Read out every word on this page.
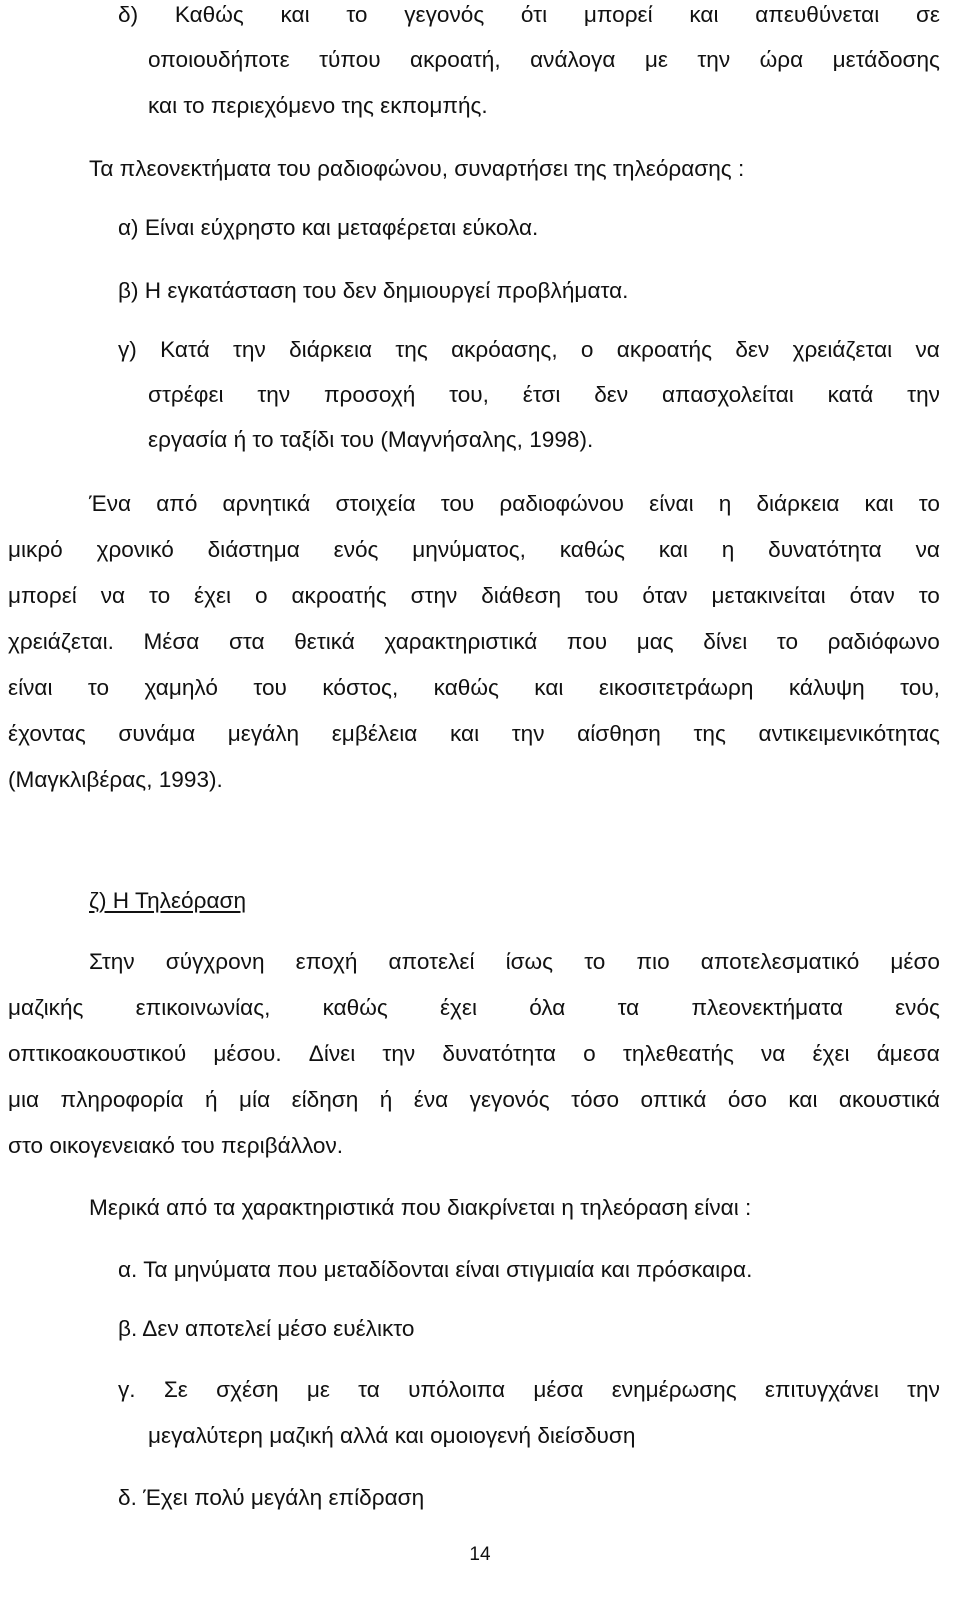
δ) Καθώς και το γεγονός ότι μπορεί και απευθύνεται σε
οποιουδήποτε τύπου ακροατή, ανάλογα με την ώρα μετάδοσης
και το περιεχόμενο της εκπομπής.
Τα πλεονεκτήματα του ραδιοφώνου, συναρτήσει της τηλεόρασης :
α) Είναι εύχρηστο και μεταφέρεται εύκολα.
β) Η εγκατάσταση του δεν δημιουργεί προβλήματα.
γ) Κατά την διάρκεια της ακρόασης, ο ακροατής δεν χρειάζεται να
στρέφει την προσοχή του, έτσι δεν απασχολείται κατά την
εργασία ή το ταξίδι του (Μαγνήσαλης, 1998).
Ένα από αρνητικά στοιχεία του ραδιοφώνου είναι η διάρκεια και το
μικρό χρονικό διάστημα ενός μηνύματος, καθώς και η δυνατότητα να
μπορεί να το έχει ο ακροατής στην διάθεση του όταν μετακινείται όταν το
χρειάζεται. Μέσα στα θετικά χαρακτηριστικά που μας δίνει το ραδιόφωνο
είναι το χαμηλό του κόστος, καθώς και εικοσιτετράωρη κάλυψη του,
έχοντας συνάμα μεγάλη εμβέλεια και την αίσθηση της αντικειμενικότητας
(Μαγκλιβέρας, 1993).
ζ) Η Τηλεόραση
Στην σύγχρονη εποχή αποτελεί ίσως το πιο αποτελεσματικό μέσο
μαζικής επικοινωνίας, καθώς έχει όλα τα πλεονεκτήματα ενός
οπτικοακουστικού μέσου. Δίνει την δυνατότητα ο τηλεθεατής να έχει άμεσα
μια πληροφορία ή μία είδηση ή ένα γεγονός τόσο οπτικά όσο και ακουστικά
στο οικογενειακό του περιβάλλον.
Μερικά από τα χαρακτηριστικά που διακρίνεται η τηλεόραση είναι :
α. Τα μηνύματα που μεταδίδονται είναι στιγμιαία και πρόσκαιρα.
β. Δεν αποτελεί μέσο ευέλικτο
γ. Σε σχέση με τα υπόλοιπα μέσα ενημέρωσης επιτυγχάνει την
μεγαλύτερη μαζική αλλά και ομοιογενή διείσδυση
δ. Έχει πολύ μεγάλη επίδραση
14
